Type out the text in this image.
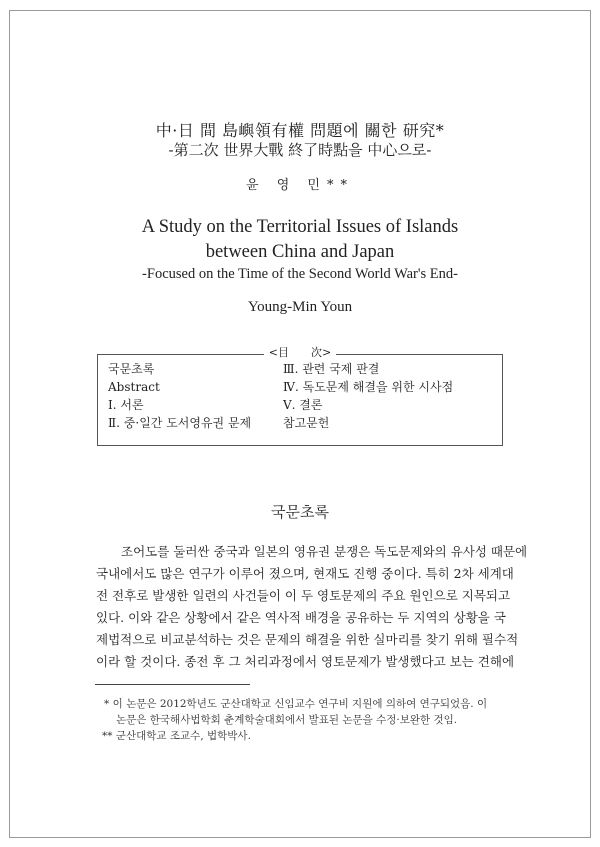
中·日 間 島嶼領有權 問題에 關한 研究*
-第二次 世界大戰 終了時點을 中心으로-
윤 영 민**
A Study on the Territorial Issues of Islands
between China and Japan
-Focused on the Time of the Second World War's End-
Young-Min Youn
<目　　次>
국문초록
Abstract
Ⅰ. 서론
Ⅱ. 중·일간 도서영유권 문제
Ⅲ. 관련 국제 판결
Ⅳ. 독도문제 해결을 위한 시사점
Ⅴ. 결론
참고문헌
국문초록
조어도를 둘러싼 중국과 일본의 영유권 분쟁은 독도문제와의 유사성 때문에
국내에서도 많은 연구가 이루어 졌으며, 현재도 진행 중이다. 특히 2차 세계대
전 전후로 발생한 일련의 사건들이 이 두 영토문제의 주요 원인으로 지목되고
있다. 이와 같은 상황에서 같은 역사적 배경을 공유하는 두 지역의 상황을 국
제법적으로 비교분석하는 것은 문제의 해결을 위한 실마리를 찾기 위해 필수적
이라 할 것이다. 종전 후 그 처리과정에서 영토문제가 발생했다고 보는 견해에
* 이 논문은 2012학년도 군산대학교 신임교수 연구비 지원에 의하여 연구되었음. 이
논문은 한국해사법학회 춘계학술대회에서 발표된 논문을 수정·보완한 것임.
** 군산대학교 조교수, 법학박사.
